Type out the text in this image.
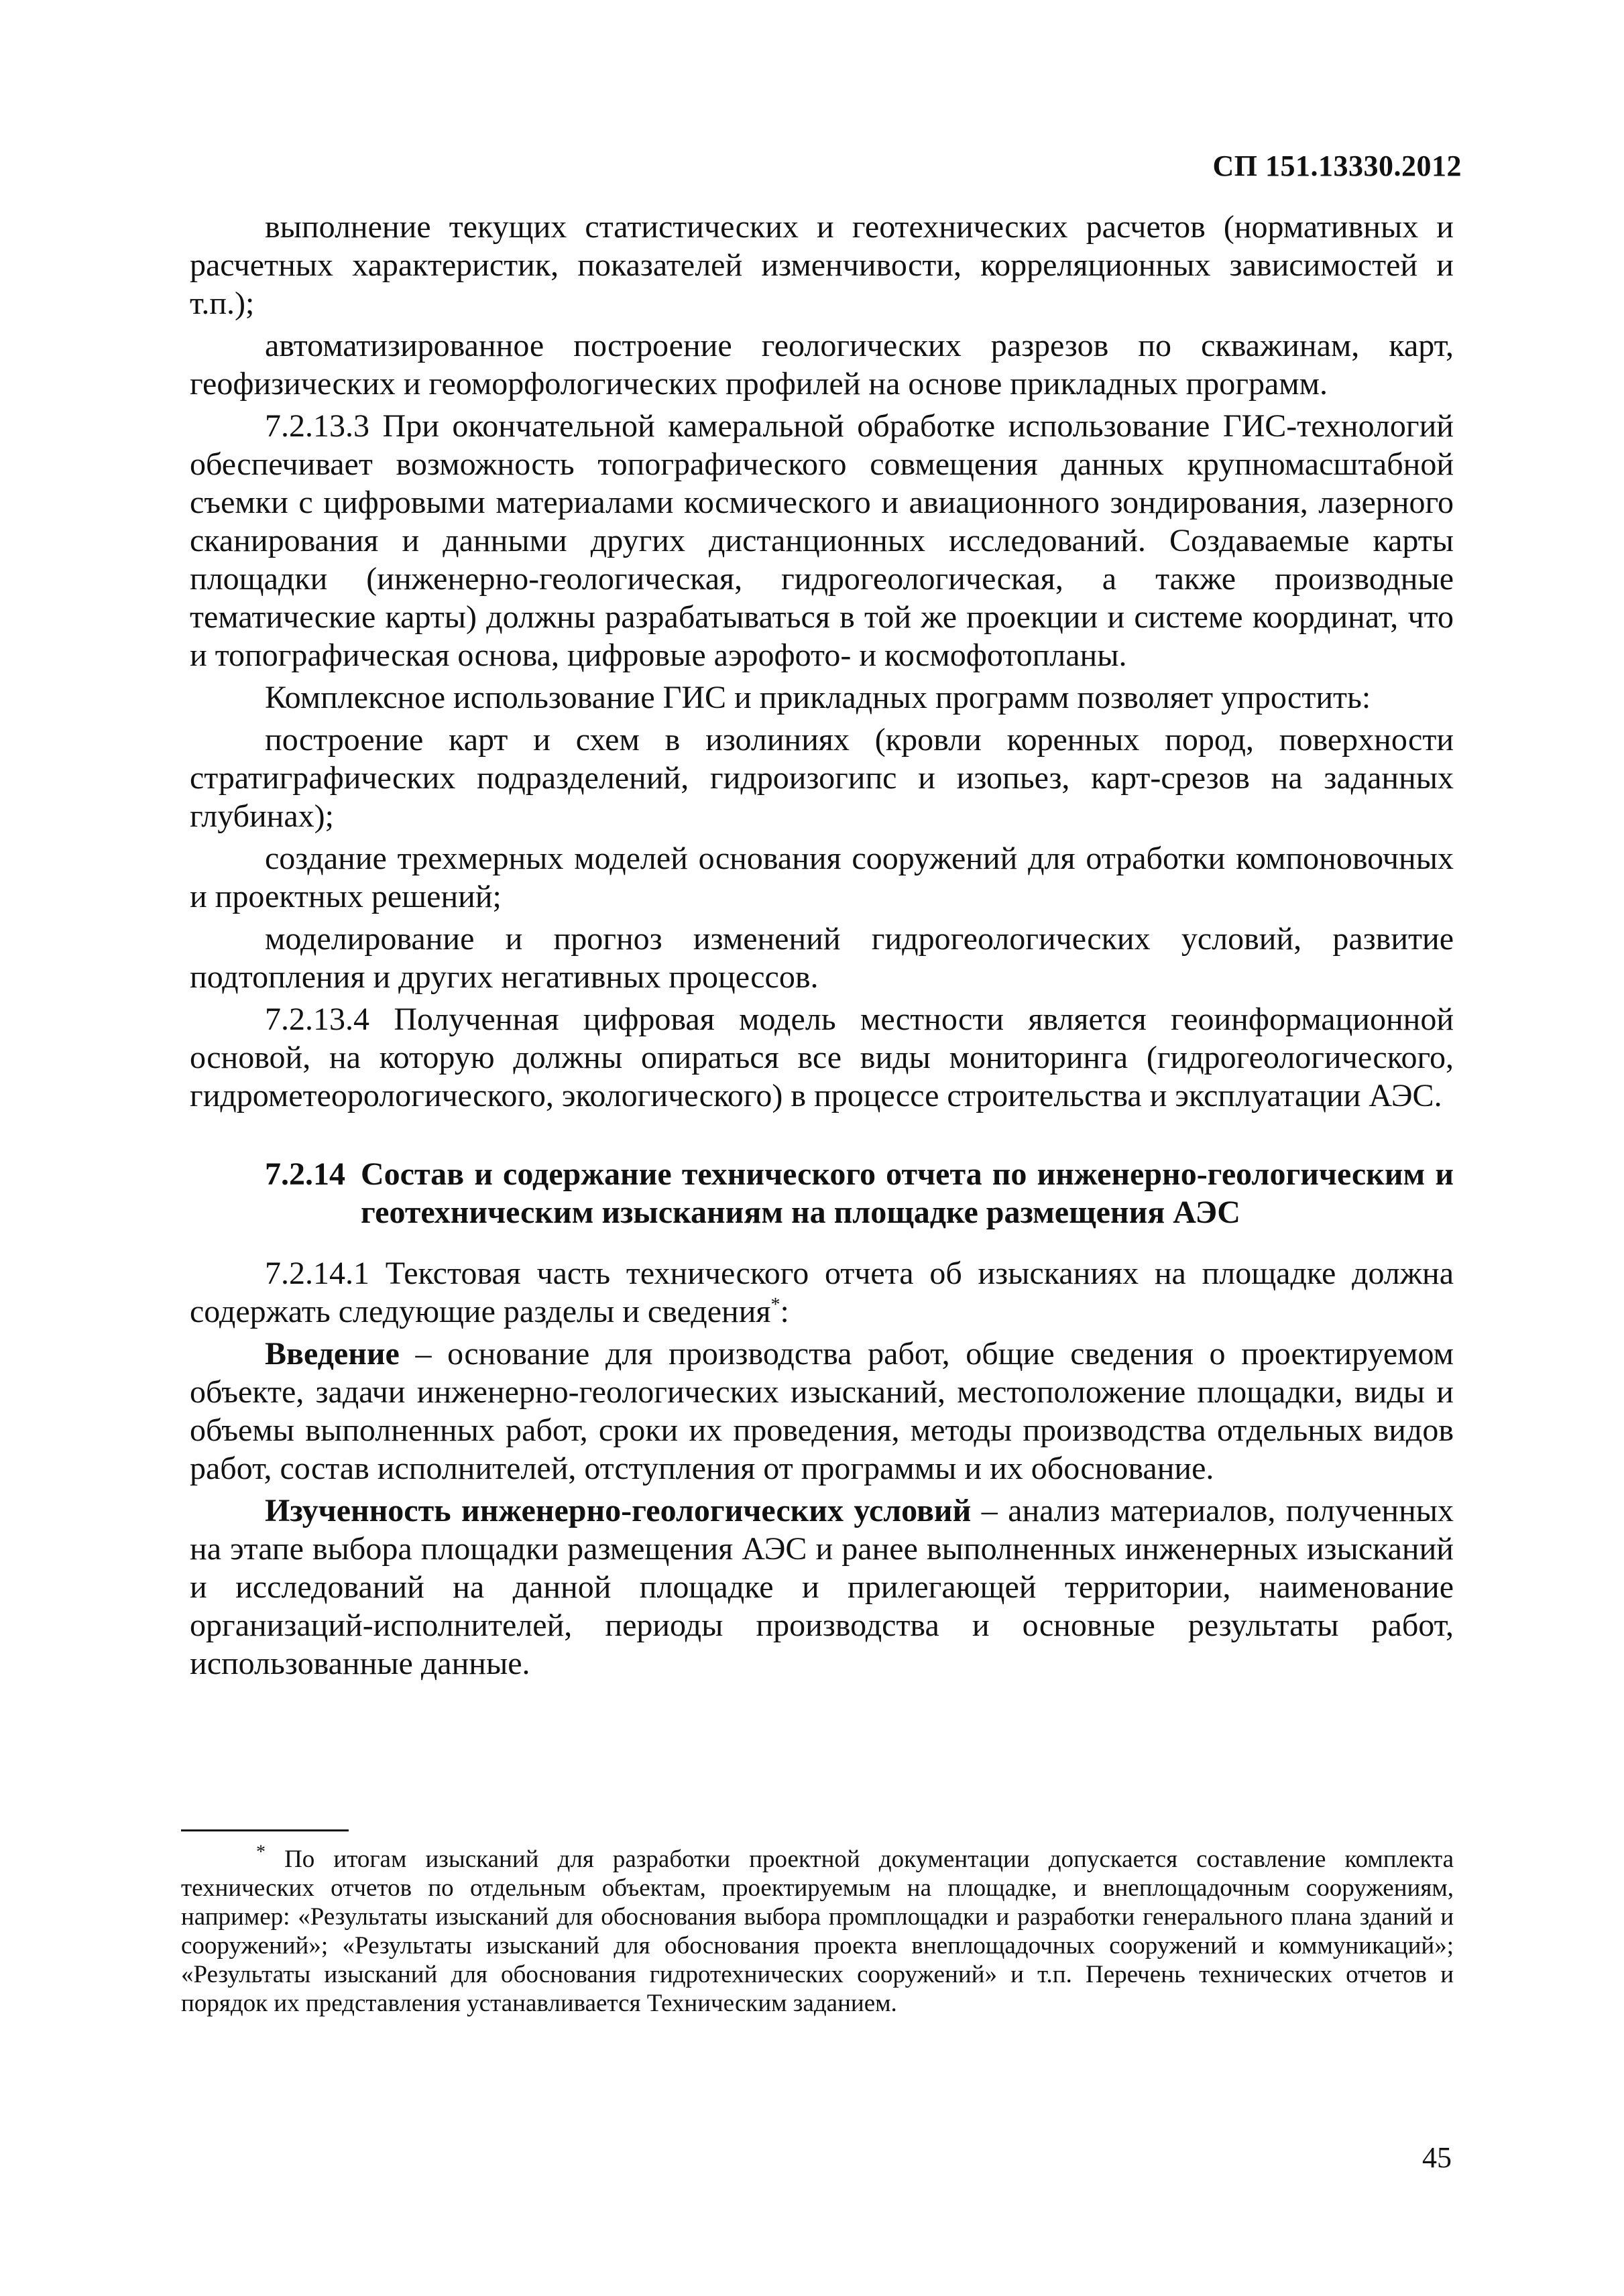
СП 151.13330.2012

выполнение текущих статистических и геотехнических расчетов (нормативных и расчетных характеристик, показателей изменчивости, корреляционных зависимостей и т.п.);

автоматизированное построение геологических разрезов по скважинам, карт, геофизических и геоморфологических профилей на основе прикладных программ.

7.2.13.3 При окончательной камеральной обработке использование ГИС-технологий обеспечивает возможность топографического совмещения данных крупномасштабной съемки с цифровыми материалами космического и авиационного зондирования, лазерного сканирования и данными других дистанционных исследований. Создаваемые карты площадки (инженерно-геологическая, гидрогеологическая, а также производные тематические карты) должны разрабатываться в той же проекции и системе координат, что и топографическая основа, цифровые аэрофото- и космофотопланы.

Комплексное использование ГИС и прикладных программ позволяет упростить:

построение карт и схем в изолиниях (кровли коренных пород, поверхности стратиграфических подразделений, гидроизогипс и изопьез, карт-срезов на заданных глубинах);

создание трехмерных моделей основания сооружений для отработки компоновочных и проектных решений;

моделирование и прогноз изменений гидрогеологических условий, развитие подтопления и других негативных процессов.

7.2.13.4 Полученная цифровая модель местности является геоинформационной основой, на которую должны опираться все виды мониторинга (гидрогеологического, гидрометеорологического, экологического) в процессе строительства и эксплуатации АЭС.

7.2.14 Состав и содержание технического отчета по инженерно-геологическим и геотехническим изысканиям на площадке размещения АЭС

7.2.14.1 Текстовая часть технического отчета об изысканиях на площадке должна содержать следующие разделы и сведения*:

Введение – основание для производства работ, общие сведения о проектируемом объекте, задачи инженерно-геологических изысканий, местоположение площадки, виды и объемы выполненных работ, сроки их проведения, методы производства отдельных видов работ, состав исполнителей, отступления от программы и их обоснование.

Изученность инженерно-геологических условий – анализ материалов, полученных на этапе выбора площадки размещения АЭС и ранее выполненных инженерных изысканий и исследований на данной площадке и прилегающей территории, наименование организаций-исполнителей, периоды производства и основные результаты работ, использованные данные.

* По итогам изысканий для разработки проектной документации допускается составление комплекта технических отчетов по отдельным объектам, проектируемым на площадке, и внеплощадочным сооружениям, например: «Результаты изысканий для обоснования выбора промплощадки и разработки генерального плана зданий и сооружений»; «Результаты изысканий для обоснования проекта внеплощадочных сооружений и коммуникаций»; «Результаты изысканий для обоснования гидротехнических сооружений» и т.п. Перечень технических отчетов и порядок их представления устанавливается Техническим заданием.

45
